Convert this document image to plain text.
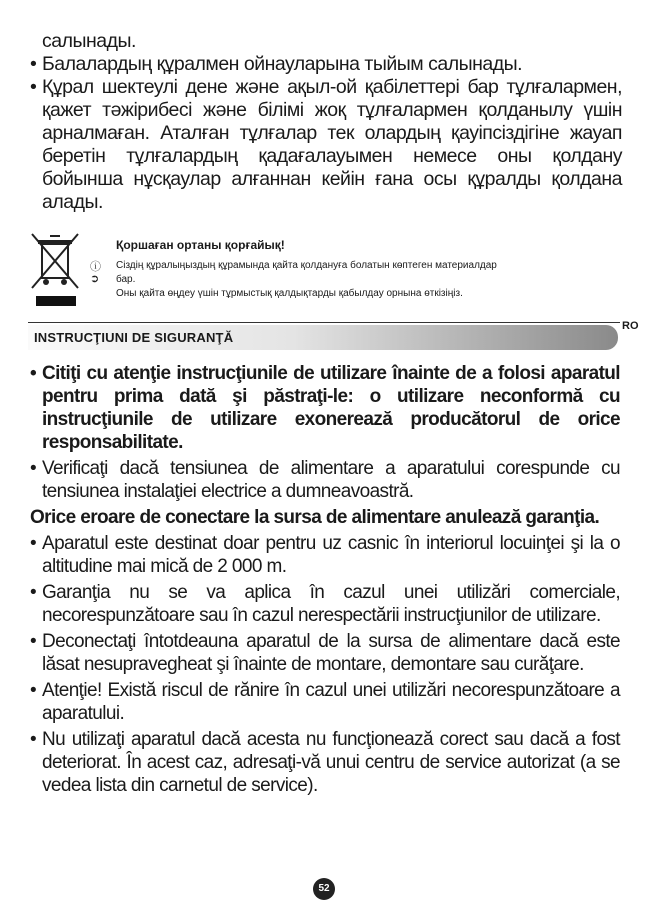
салынады.

• Балалардың құралмен ойнауларына тыйым салынады.

• Құрал шектеулі дене және ақыл-ой қабілеттері бар тұлғалармен, қажет тәжірибесі және білімі жоқ тұлғалармен қолданылу үшін арналмаған. Аталған тұлғалар тек олардың қауіпсіздігіне жауап беретін тұлғалардың қадағалауымен немесе оны қолдану бойынша нұсқаулар алғаннан кейін ғана осы құралды қолдана алады.

Қоршаған ортаны қорғайық!
ⓘ
➲
Сіздің құралыңыздың құрамында қайта қолдануға болатын көптеген материалдар
бар.
Оны қайта өңдеу үшін тұрмыстық қалдықтарды қабылдау орнына өткізіңіз.
RO
INSTRUCŢIUNI DE SIGURANŢĂ

• Citiţi cu atenţie instrucţiunile de utilizare înainte de a folosi aparatul pentru prima dată şi păstraţi-le: o utilizare neconformă cu instrucţiunile de utilizare exonerează producătorul de orice responsabilitate.

• Verificaţi dacă tensiunea de alimentare a aparatului corespunde cu tensiunea instalaţiei electrice a dumneavoastră.

Orice eroare de conectare la sursa de alimentare anulează garanţia.

• Aparatul este destinat doar pentru uz casnic în interiorul locuinţei şi la o altitudine mai mică de 2 000 m.

• Garanţia nu se va aplica în cazul unei utilizări comerciale, necorespunzătoare sau în cazul nerespectării instrucţiunilor de utilizare.

• Deconectaţi întotdeauna aparatul de la sursa de alimentare dacă este lăsat nesupravegheat şi înainte de montare, demontare sau curăţare.

• Atenţie! Există riscul de rănire în cazul unei utilizări necorespunzătoare a aparatului.

• Nu utilizaţi aparatul dacă acesta nu funcţionează corect sau dacă a fost deteriorat. În acest caz, adresaţi-vă unui centru de service autorizat (a se vedea lista din carnetul de service).

52
